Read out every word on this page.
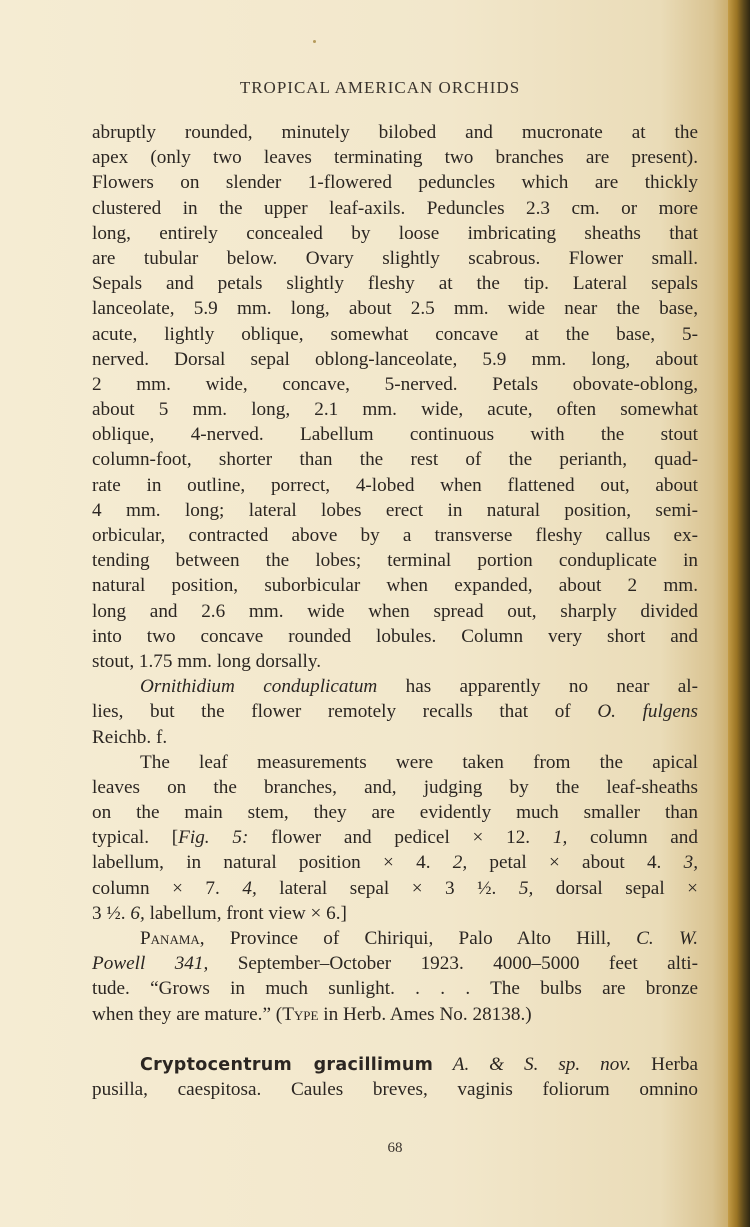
TROPICAL AMERICAN ORCHIDS
abruptly rounded, minutely bilobed and mucronate at the
apex (only two leaves terminating two branches are present).
Flowers on slender 1-flowered peduncles which are thickly
clustered in the upper leaf-axils. Peduncles 2.3 cm. or more
long, entirely concealed by loose imbricating sheaths that
are tubular below. Ovary slightly scabrous. Flower small.
Sepals and petals slightly fleshy at the tip. Lateral sepals
lanceolate, 5.9 mm. long, about 2.5 mm. wide near the base,
acute, lightly oblique, somewhat concave at the base, 5-
nerved. Dorsal sepal oblong-lanceolate, 5.9 mm. long, about
2 mm. wide, concave, 5-nerved. Petals obovate-oblong,
about 5 mm. long, 2.1 mm. wide, acute, often somewhat
oblique, 4-nerved. Labellum continuous with the stout
column-foot, shorter than the rest of the perianth, quad-
rate in outline, porrect, 4-lobed when flattened out, about
4 mm. long; lateral lobes erect in natural position, semi-
orbicular, contracted above by a transverse fleshy callus ex-
tending between the lobes; terminal portion conduplicate in
natural position, suborbicular when expanded, about 2 mm.
long and 2.6 mm. wide when spread out, sharply divided
into two concave rounded lobules. Column very short and
stout, 1.75 mm. long dorsally.
Ornithidium conduplicatum has apparently no near al-
lies, but the flower remotely recalls that of O. fulgens
Reichb. f.
The leaf measurements were taken from the apical
leaves on the branches, and, judging by the leaf-sheaths
on the main stem, they are evidently much smaller than
typical. [Fig. 5: flower and pedicel × 12. 1, column and
labellum, in natural position × 4. 2, petal × about 4. 3,
column × 7. 4, lateral sepal × 3 ½. 5, dorsal sepal ×
3 ½. 6, labellum, front view × 6.]
Panama, Province of Chiriqui, Palo Alto Hill, C. W.
Powell 341, September–October 1923. 4000–5000 feet alti-
tude. “Grows in much sunlight. . . . The bulbs are bronze
when they are mature.” (Type in Herb. Ames No. 28138.)
Cryptocentrum gracillimum A. & S. sp. nov. Herba
pusilla, caespitosa. Caules breves, vaginis foliorum omnino
68
